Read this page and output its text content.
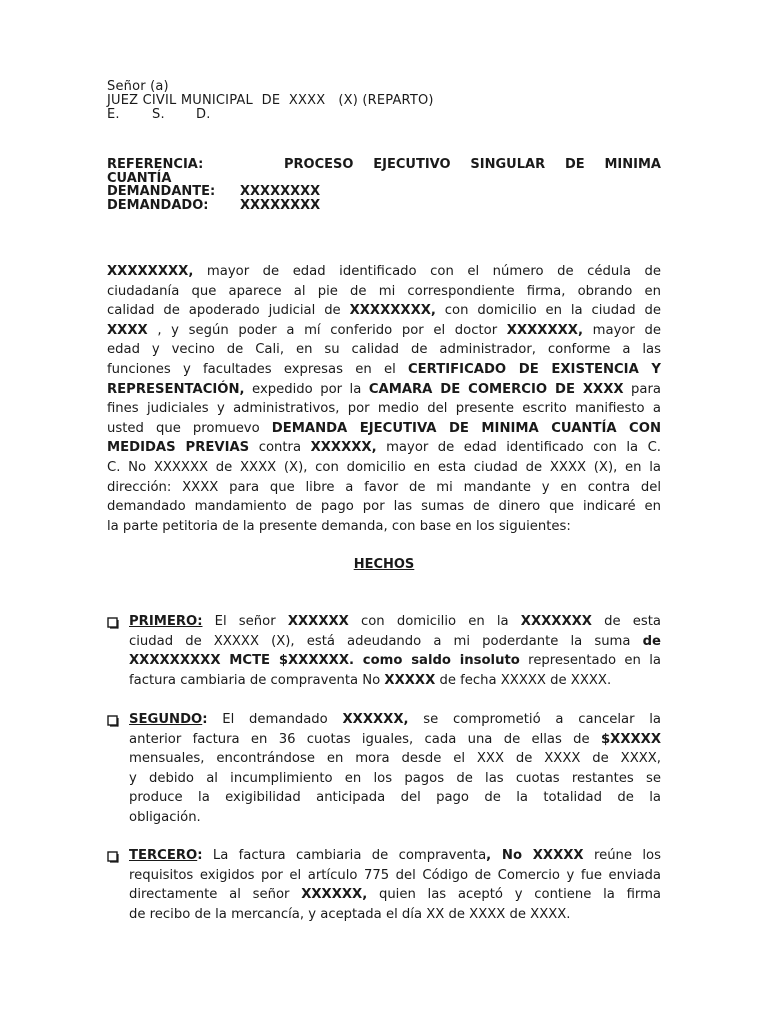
Señor (a)
JUEZ CIVIL MUNICIPAL  DE  XXXX   (X) (REPARTO)
E. S. D.
REFERENCIA:	PROCESO EJECUTIVO SINGULAR DE MINIMA
CUANTÍA
DEMANDANTE: XXXXXXXX
DEMANDADO: XXXXXXXX
XXXXXXXX, mayor de edad identificado con el número de cédula de
ciudadanía que aparece al pie de mi correspondiente firma, obrando en
calidad de apoderado judicial de XXXXXXXX, con domicilio en la ciudad de
XXXX , y según poder a mí conferido por el doctor XXXXXXX, mayor de
edad y vecino de Cali, en su calidad de administrador, conforme a las
funciones y facultades expresas en el CERTIFICADO DE EXISTENCIA Y
REPRESENTACIÓN, expedido por la CAMARA DE COMERCIO DE XXXX para
fines judiciales y administrativos, por medio del presente escrito manifiesto a
usted que promuevo DEMANDA EJECUTIVA DE MINIMA CUANTÍA CON
MEDIDAS PREVIAS contra XXXXXX, mayor de edad identificado con la C.
C. No XXXXXX de XXXX (X), con domicilio en esta ciudad de XXXX (X), en la
dirección: XXXX para que libre a favor de mi mandante y en contra del
demandado mandamiento de pago por las sumas de dinero que indicaré en
la parte petitoria de la presente demanda, con base en los siguientes:
HECHOS
PRIMERO: El señor XXXXXX con domicilio en la XXXXXXX de esta
ciudad de XXXXX (X), está adeudando a mi poderdante la suma de
XXXXXXXXX MCTE $XXXXXX. como saldo insoluto representado en la
factura cambiaria de compraventa No XXXXX de fecha XXXXX de XXXX.
SEGUNDO: El demandado XXXXXX, se comprometió a cancelar la
anterior factura en 36 cuotas iguales, cada una de ellas de $XXXXX
mensuales, encontrándose en mora desde el XXX de XXXX de XXXX,
y debido al incumplimiento en los pagos de las cuotas restantes se
produce la exigibilidad anticipada del pago de la totalidad de la
obligación.
TERCERO: La factura cambiaria de compraventa, No XXXXX reúne los
requisitos exigidos por el artículo 775 del Código de Comercio y fue enviada
directamente al señor XXXXXX, quien las aceptó y contiene la firma
de recibo de la mercancía, y aceptada el día XX de XXXX de XXXX.
